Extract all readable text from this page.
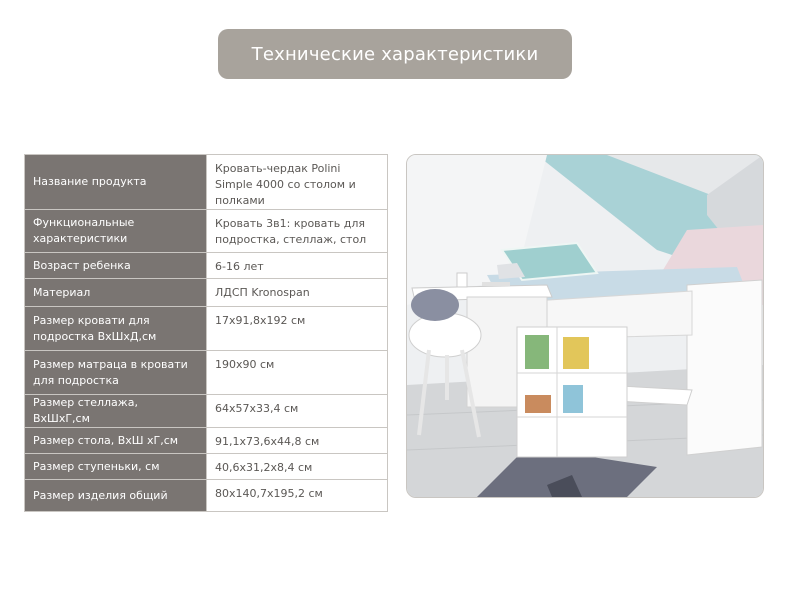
Технические характеристики
Название продукта	Кровать-чердак Polini Simple 4000 со столом и полками
Функциональные характеристики	Кровать 3в1: кровать для подростка, стеллаж, стол
Возраст ребенка	6-16 лет
Материал	ЛДСП Kronospan
Размер кровати для подростка ВхШхД,см	17х91,8х192 см
Размер матраца в кровати для подростка	190х90 см
Размер стеллажа, ВхШхГ,см	64х57х33,4 см
Размер стола, ВхШ хГ,см	91,1х73,6х44,8 см
Размер ступеньки, см	40,6х31,2х8,4 см
Размер изделия общий	80х140,7х195,2 см
